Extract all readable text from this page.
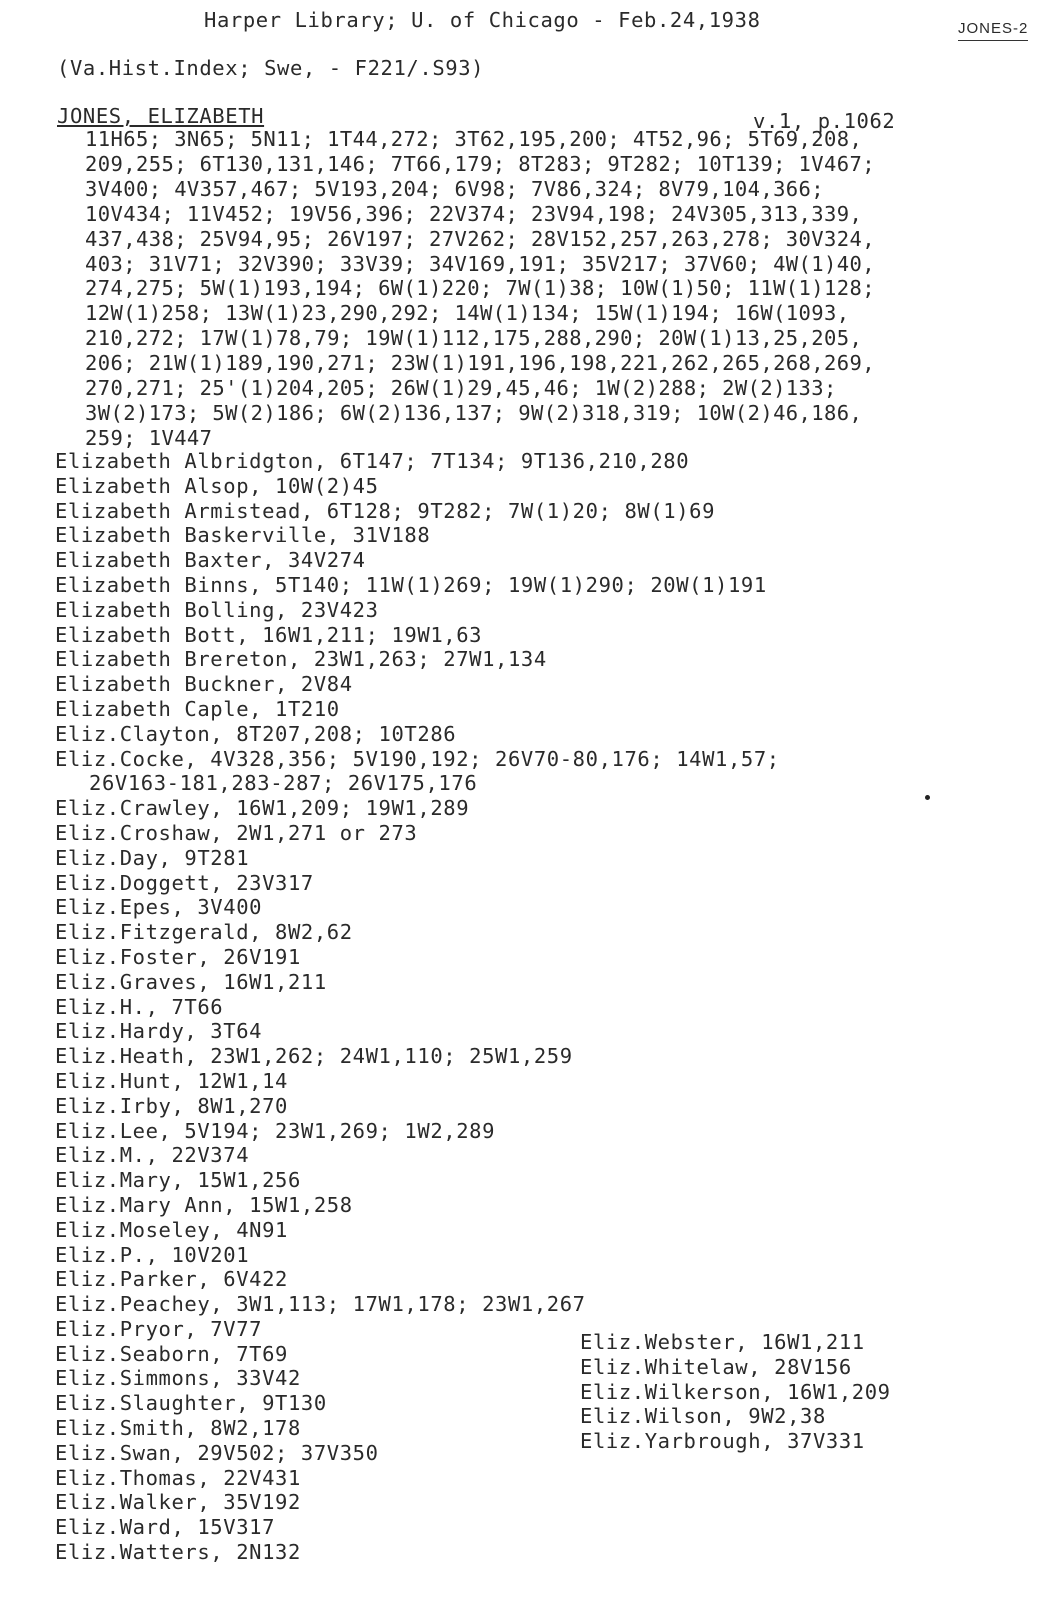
Harper Library; U. of Chicago - Feb.24,1938	JONES-2
(Va.Hist.Index; Swe, - F221/.S93)
JONES, ELIZABETH	v.1, p.1062
11H65; 3N65; 5N11; 1T44,272; 3T62,195,200; 4T52,96; 5T69,208,
209,255; 6T130,131,146; 7T66,179; 8T283; 9T282; 10T139; 1V467;
3V400; 4V357,467; 5V193,204; 6V98; 7V86,324; 8V79,104,366;
10V434; 11V452; 19V56,396; 22V374; 23V94,198; 24V305,313,339,
437,438; 25V94,95; 26V197; 27V262; 28V152,257,263,278; 30V324,
403; 31V71; 32V390; 33V39; 34V169,191; 35V217; 37V60; 4W(1)40,
274,275; 5W(1)193,194; 6W(1)220; 7W(1)38; 10W(1)50; 11W(1)128;
12W(1)258; 13W(1)23,290,292; 14W(1)134; 15W(1)194; 16W(1093,
210,272; 17W(1)78,79; 19W(1)112,175,288,290; 20W(1)13,25,205,
206; 21W(1)189,190,271; 23W(1)191,196,198,221,262,265,268,269,
270,271; 25'(1)204,205; 26W(1)29,45,46; 1W(2)288; 2W(2)133;
3W(2)173; 5W(2)186; 6W(2)136,137; 9W(2)318,319; 10W(2)46,186,
259; 1V447
Elizabeth Albridgton, 6T147; 7T134; 9T136,210,280
Elizabeth Alsop, 10W(2)45
Elizabeth Armistead, 6T128; 9T282; 7W(1)20; 8W(1)69
Elizabeth Baskerville, 31V188
Elizabeth Baxter, 34V274
Elizabeth Binns, 5T140; 11W(1)269; 19W(1)290; 20W(1)191
Elizabeth Bolling, 23V423
Elizabeth Bott, 16W1,211; 19W1,63
Elizabeth Brereton, 23W1,263; 27W1,134
Elizabeth Buckner, 2V84
Elizabeth Caple, 1T210
Eliz.Clayton, 8T207,208; 10T286
Eliz.Cocke, 4V328,356; 5V190,192; 26V70-80,176; 14W1,57;
26V163-181,283-287; 26V175,176
Eliz.Crawley, 16W1,209; 19W1,289
Eliz.Croshaw, 2W1,271 or 273
Eliz.Day, 9T281
Eliz.Doggett, 23V317
Eliz.Epes, 3V400
Eliz.Fitzgerald, 8W2,62
Eliz.Foster, 26V191
Eliz.Graves, 16W1,211
Eliz.H., 7T66
Eliz.Hardy, 3T64
Eliz.Heath, 23W1,262; 24W1,110; 25W1,259
Eliz.Hunt, 12W1,14
Eliz.Irby, 8W1,270
Eliz.Lee, 5V194; 23W1,269; 1W2,289
Eliz.M., 22V374
Eliz.Mary, 15W1,256
Eliz.Mary Ann, 15W1,258
Eliz.Moseley, 4N91
Eliz.P., 10V201
Eliz.Parker, 6V422
Eliz.Peachey, 3W1,113; 17W1,178; 23W1,267
Eliz.Pryor, 7V77
Eliz.Seaborn, 7T69
Eliz.Simmons, 33V42
Eliz.Slaughter, 9T130
Eliz.Smith, 8W2,178
Eliz.Swan, 29V502; 37V350
Eliz.Thomas, 22V431
Eliz.Walker, 35V192
Eliz.Ward, 15V317
Eliz.Watters, 2N132
Eliz.Webster, 16W1,211
Eliz.Whitelaw, 28V156
Eliz.Wilkerson, 16W1,209
Eliz.Wilson, 9W2,38
Eliz.Yarbrough, 37V331
